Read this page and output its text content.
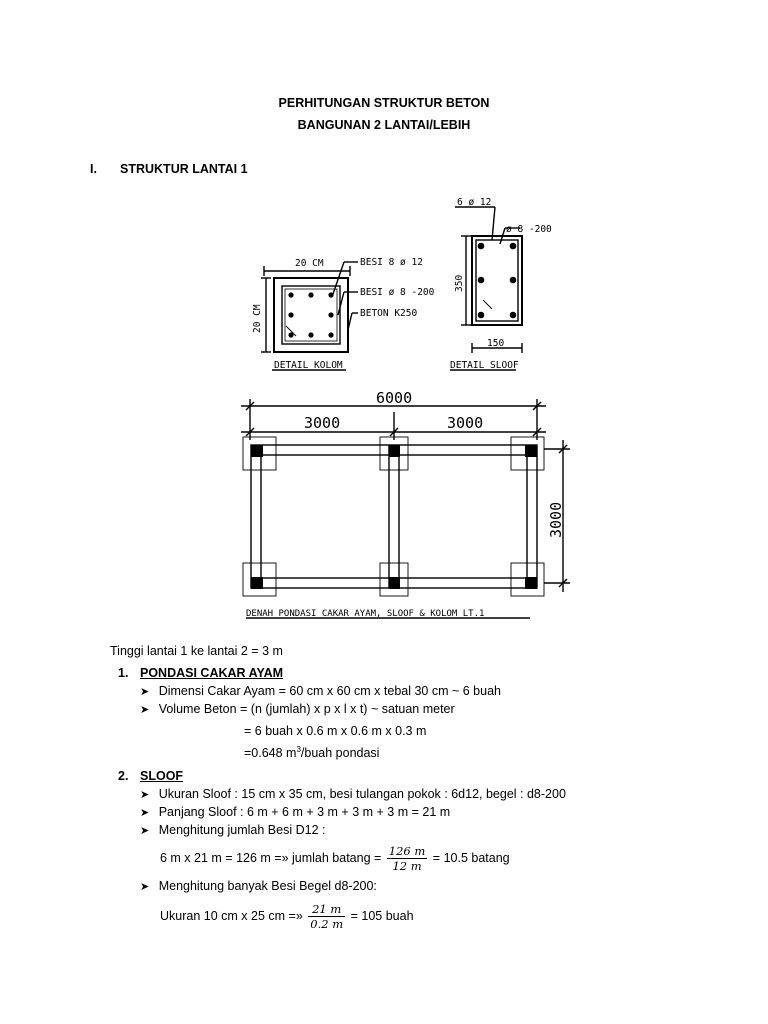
PERHITUNGAN STRUKTUR BETON
BANGUNAN 2 LANTAI/LEBIH
I. STRUKTUR LANTAI 1
20 CM
20 CM
BESI 8 ø 12
BESI ø 8 -200
BETON K250
DETAIL KOLOM
6 ø 12
ø 8 -200
350
150
DETAIL SLOOF
DENAH PONDASI CAKAR AYAM, SLOOF & KOLOM LT.1
6000
3000	3000
3000
Tinggi lantai 1 ke lantai 2 = 3 m
1. PONDASI CAKAR AYAM
➤ Dimensi Cakar Ayam = 60 cm x 60 cm x tebal 30 cm ~ 6 buah
➤ Volume Beton = (n (jumlah) x p x l x t) ~ satuan meter
= 6 buah x 0.6 m x 0.6 m x 0.3 m
=0.648 $m^3$/buah pondasi
2. SLOOF
➤ Ukuran Sloof : 15 cm x 35 cm, besi tulangan pokok : 6d12, begel : d8-200
➤ Panjang Sloof : 6 m + 6 m + 3 m + 3 m + 3 m = 21 m
➤ Menghitung jumlah Besi D12 :
6 m x 21 m = 126 m =» jumlah $batang = \frac{126 m}{12 m} = 10.5$ batang
➤ Menghitung banyak Besi Begel d8-200:
Ukuran 10 cm x 25 cm =» $\frac{21 m}{0.2 m} = 105$ buah
